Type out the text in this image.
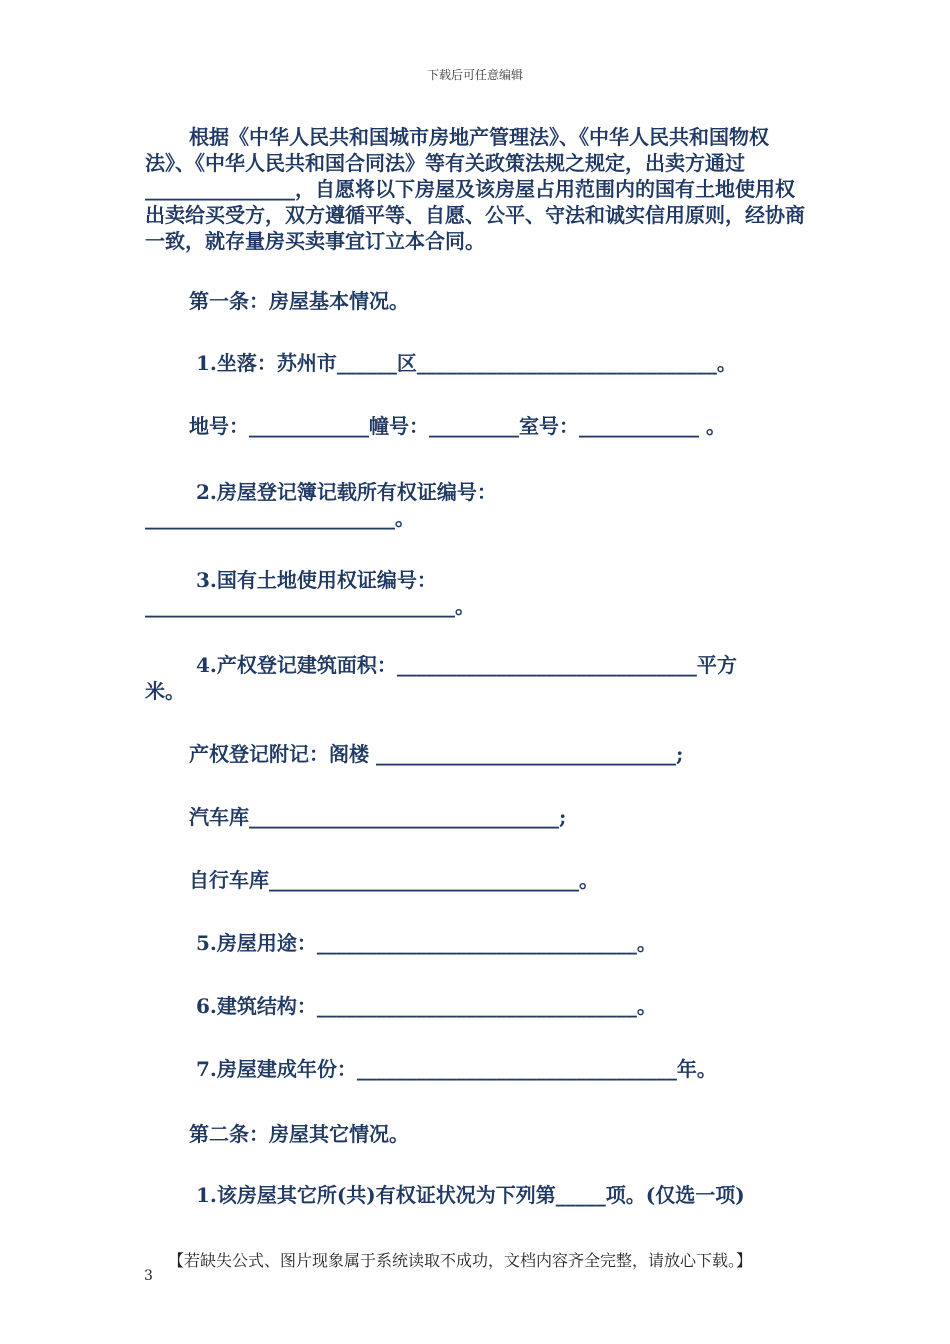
下载后可任意编辑

根据《中华人民共和国城市房地产管理法》、《中华人民共和国物权法》、《中华人民共和国合同法》等有关政策法规之规定，出卖方通过_______________，自愿将以下房屋及该房屋占用范围内的国有土地使用权出卖给买受方，双方遵循平等、自愿、公平、守法和诚实信用原则，经协商一致，就存量房买卖事宜订立本合同。

第一条：房屋基本情况。
1.坐落：苏州市______区______________________________。
地号：____________幢号：_________室号：____________ 。
2.房屋登记簿记载所有权证编号：
_________________________。
3.国有土地使用权证编号：
_______________________________。
4.产权登记建筑面积：______________________________平方
米。
产权登记附记：阁楼 ______________________________;
汽车库_______________________________;
自行车库_______________________________。
5.房屋用途：________________________________。
6.建筑结构：________________________________。
7.房屋建成年份：________________________________年。
第二条：房屋其它情况。
1.该房屋其它所(共)有权证状况为下列第_____项。(仅选一项)
【若缺失公式、图片现象属于系统读取不成功，文档内容齐全完整，请放心下载。】
3
